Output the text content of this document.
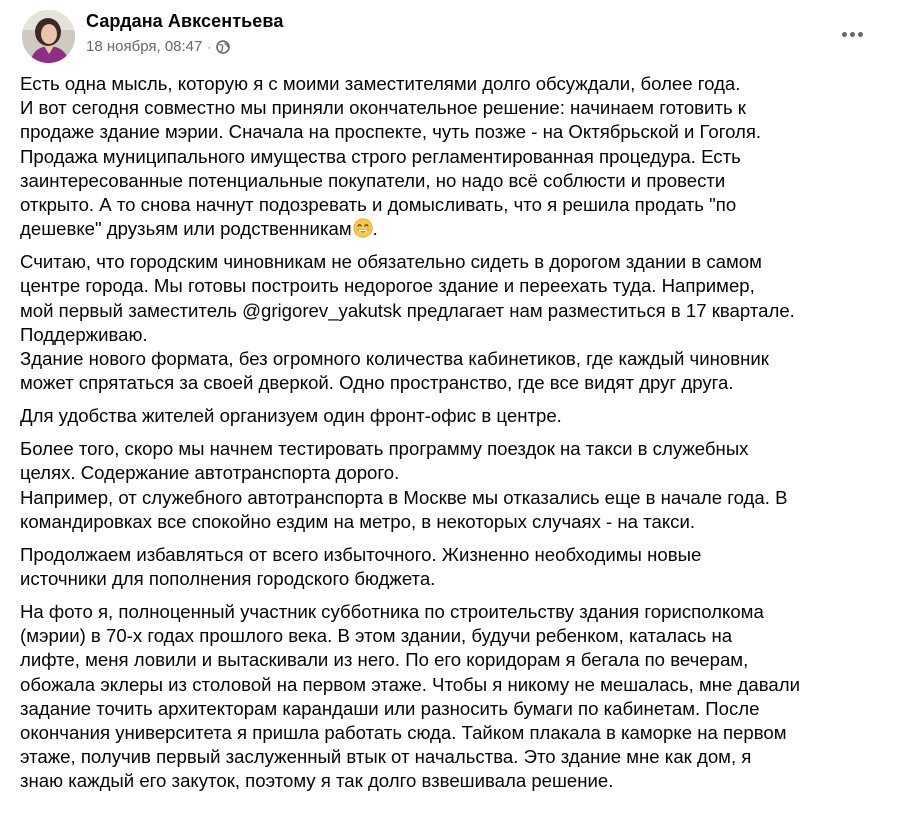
Сардана Авксентьева
18 ноября, 08:47 ·

Есть одна мысль, которую я с моими заместителями долго обсуждали, более года.
И вот сегодня совместно мы приняли окончательное решение: начинаем готовить к
продаже здание мэрии. Сначала на проспекте, чуть позже - на Октябрьской и Гоголя.
Продажа муниципального имущества строго регламентированная процедура. Есть
заинтересованные потенциальные покупатели, но надо всё соблюсти и провести
открыто. А то снова начнут подозревать и домысливать, что я решила продать "по
дешевке" друзьям или родственникам .

Считаю, что городским чиновникам не обязательно сидеть в дорогом здании в самом
центре города. Мы готовы построить недорогое здание и переехать туда. Например,
мой первый заместитель @grigorev_yakutsk предлагает нам разместиться в 17 квартале.
Поддерживаю.
Здание нового формата, без огромного количества кабинетиков, где каждый чиновник
может спрятаться за своей дверкой. Одно пространство, где все видят друг друга.

Для удобства жителей организуем один фронт-офис в центре.

Более того, скоро мы начнем тестировать программу поездок на такси в служебных
целях. Содержание автотранспорта дорого.
Например, от служебного автотранспорта в Москве мы отказались еще в начале года. В
командировках все спокойно ездим на метро, в некоторых случаях - на такси.

Продолжаем избавляться от всего избыточного. Жизненно необходимы новые
источники для пополнения городского бюджета.

На фото я, полноценный участник субботника по строительству здания горисполкома
(мэрии) в 70-х годах прошлого века. В этом здании, будучи ребенком, каталась на
лифте, меня ловили и вытаскивали из него. По его коридорам я бегала по вечерам,
обожала эклеры из столовой на первом этаже. Чтобы я никому не мешалась, мне давали
задание точить архитекторам карандаши или разносить бумаги по кабинетам. После
окончания университета я пришла работать сюда. Тайком плакала в каморке на первом
этаже, получив первый заслуженный втык от начальства. Это здание мне как дом, я
знаю каждый его закуток, поэтому я так долго взвешивала решение.
